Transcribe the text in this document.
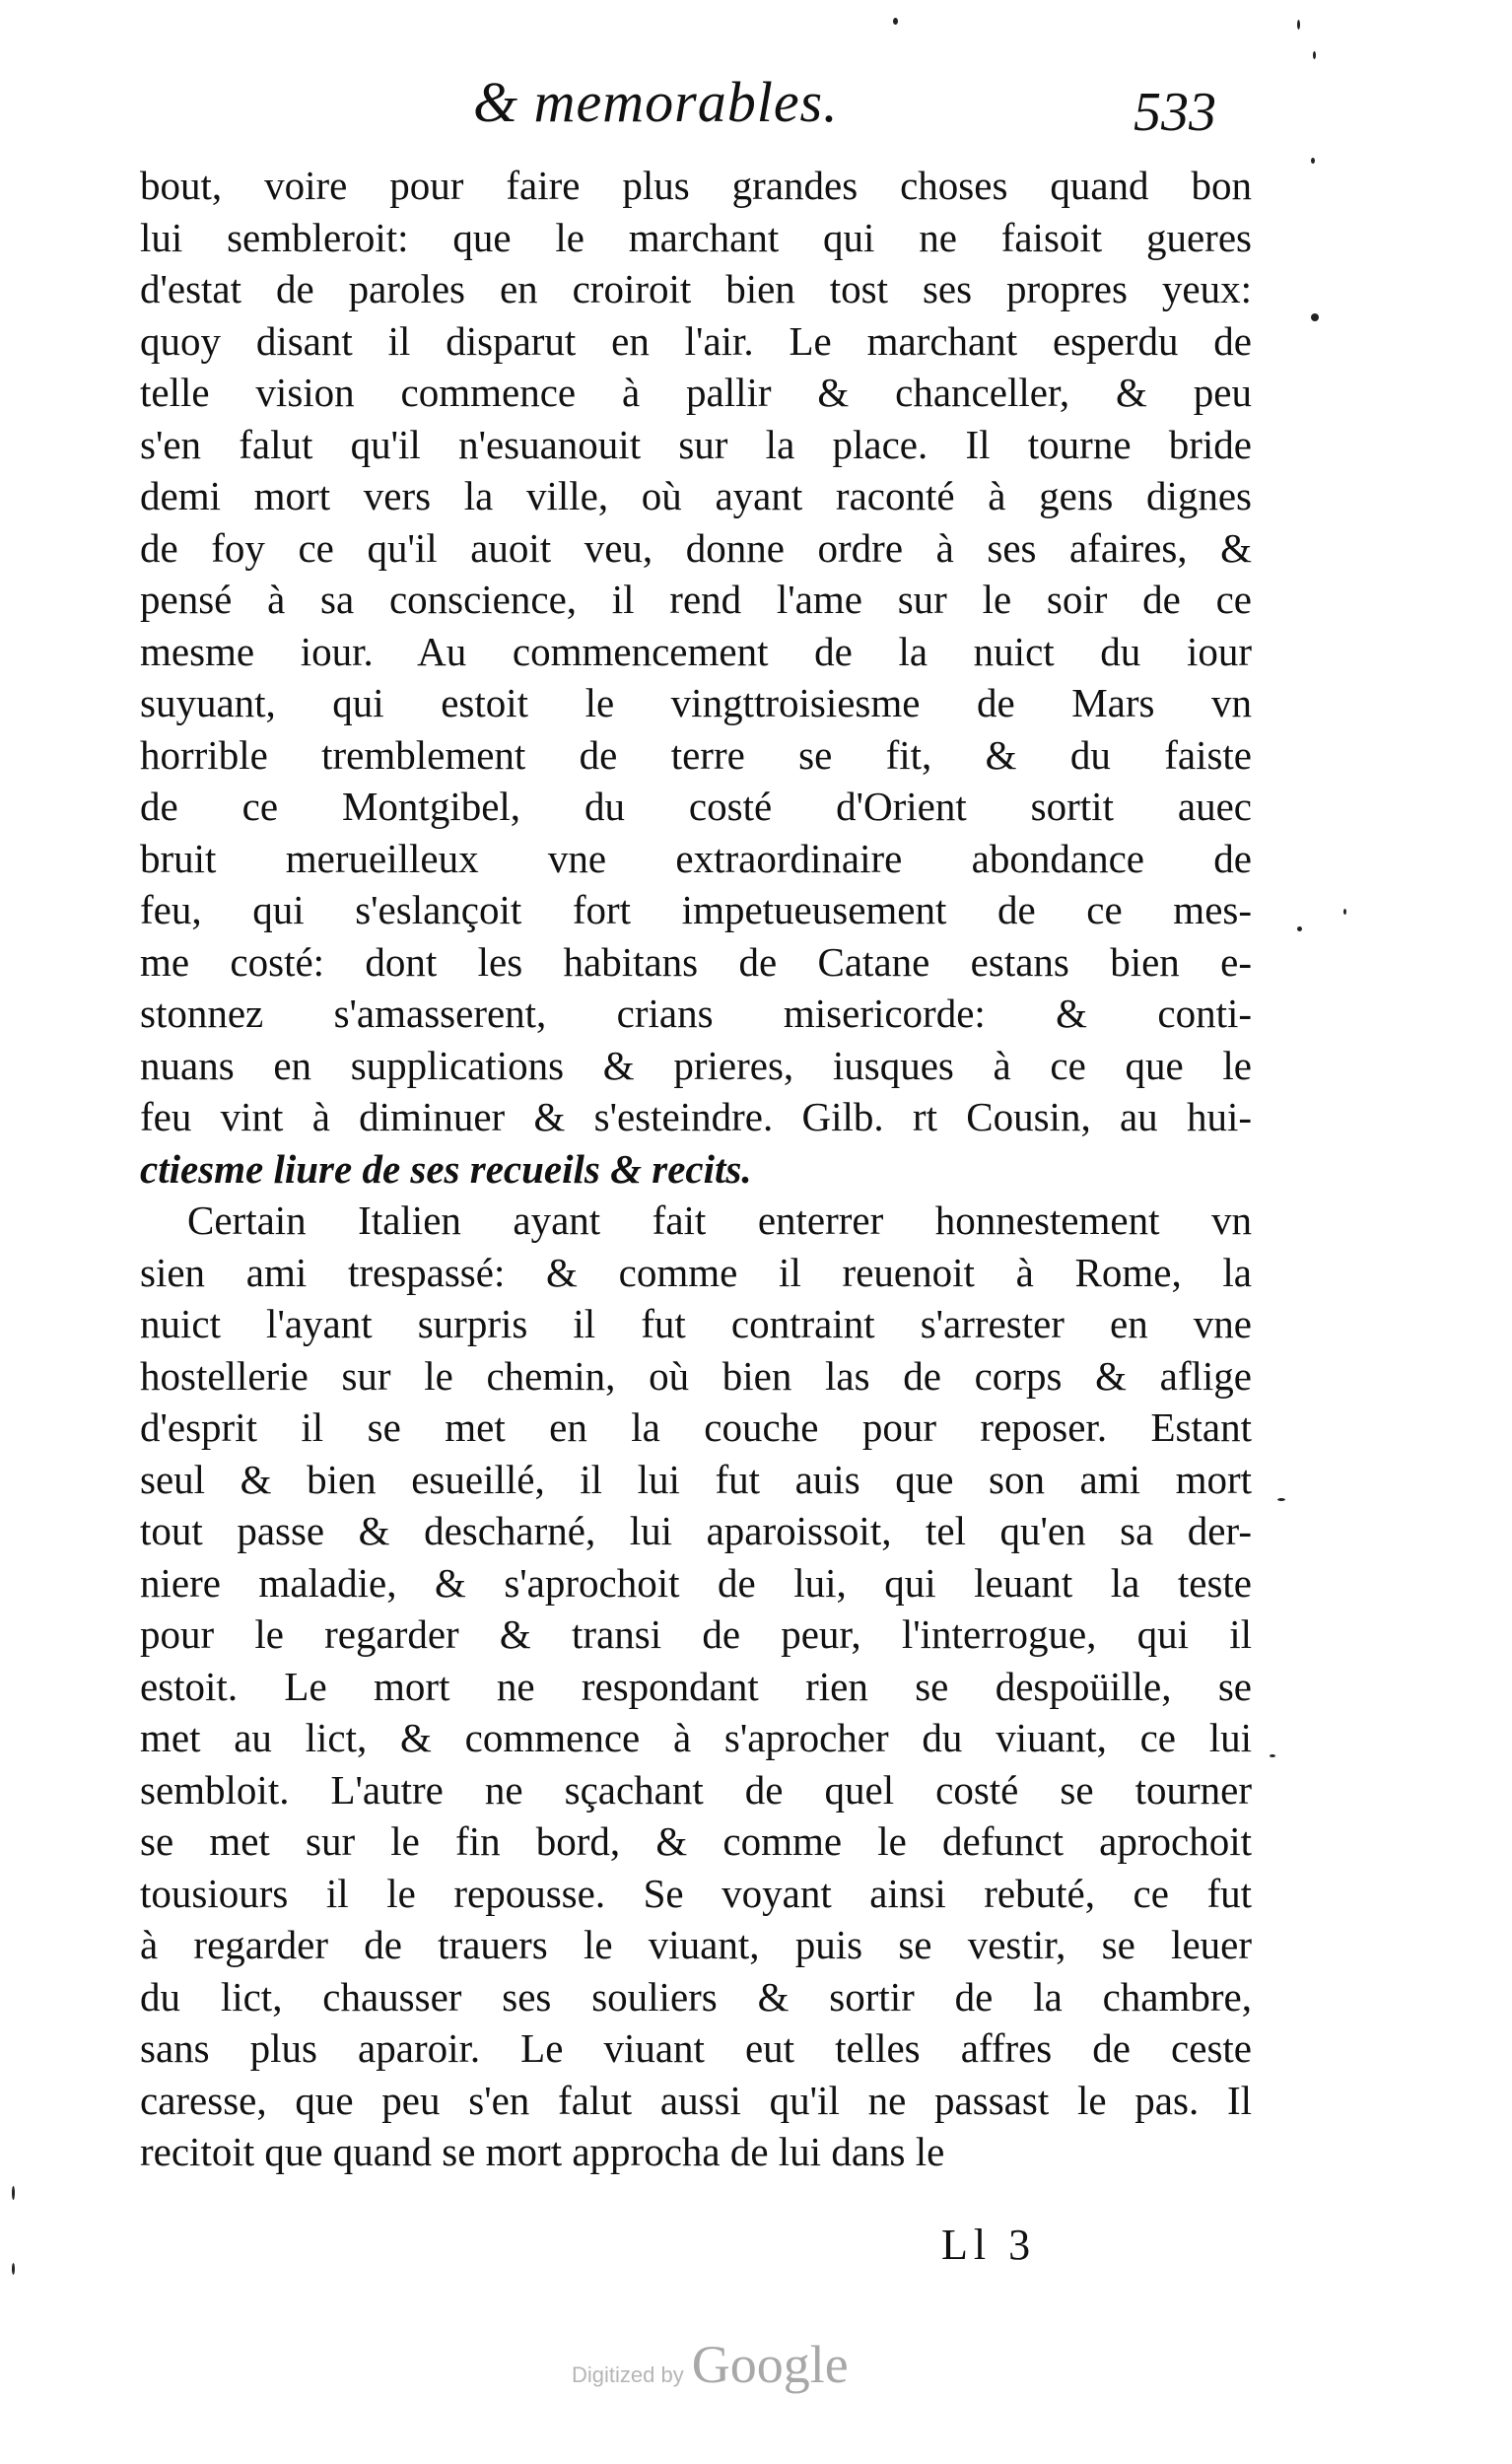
& memorables.	533
bout, voire pour faire plus grandes choses quand bon
lui sembleroit: que le marchant qui ne faisoit gueres
d'estat de paroles en croiroit bien tost ses propres yeux:
quoy disant il disparut en l'air. Le marchant esperdu de
telle vision commence à pallir & chanceller, & peu
s'en falut qu'il n'esuanouit sur la place. Il tourne bride
demi mort vers la ville, où ayant raconté à gens dignes
de foy ce qu'il auoit veu, donne ordre à ses afaires, &
pensé à sa conscience, il rend l'ame sur le soir de ce
mesme iour. Au commencement de la nuict du iour
suyuant, qui estoit le vingttroisiesme de Mars vn
horrible tremblement de terre se fit, & du faiste
de ce Montgibel, du costé d'Orient sortit auec
bruit merueilleux vne extraordinaire abondance de
feu, qui s'eslançoit fort impetueusement de ce mes-
me costé: dont les habitans de Catane estans bien e-
stonnez s'amasserent, crians misericorde: & conti-
nuans en supplications & prieres, iusques à ce que le
feu vint à diminuer & s'esteindre. Gilb. rt Cousin, au hui-
ctiesme liure de ses recueils & recits.
Certain Italien ayant fait enterrer honnestement vn
sien ami trespassé: & comme il reuenoit à Rome, la
nuict l'ayant surpris il fut contraint s'arrester en vne
hostellerie sur le chemin, où bien las de corps & aflige
d'esprit il se met en la couche pour reposer. Estant
seul & bien esueillé, il lui fut auis que son ami mort
tout passe & descharné, lui aparoissoit, tel qu'en sa der-
niere maladie, & s'aprochoit de lui, qui leuant la teste
pour le regarder & transi de peur, l'interrogue, qui il
estoit. Le mort ne respondant rien se despoüille, se
met au lict, & commence à s'aprocher du viuant, ce lui
sembloit. L'autre ne sçachant de quel costé se tourner
se met sur le fin bord, & comme le defunct aprochoit
tousiours il le repousse. Se voyant ainsi rebuté, ce fut
à regarder de trauers le viuant, puis se vestir, se leuer
du lict, chausser ses souliers & sortir de la chambre,
sans plus aparoir. Le viuant eut telles affres de ceste
caresse, que peu s'en falut aussi qu'il ne passast le pas. Il
recitoit que quand se mort approcha de lui dans le
Ll 3
Digitized by Google
